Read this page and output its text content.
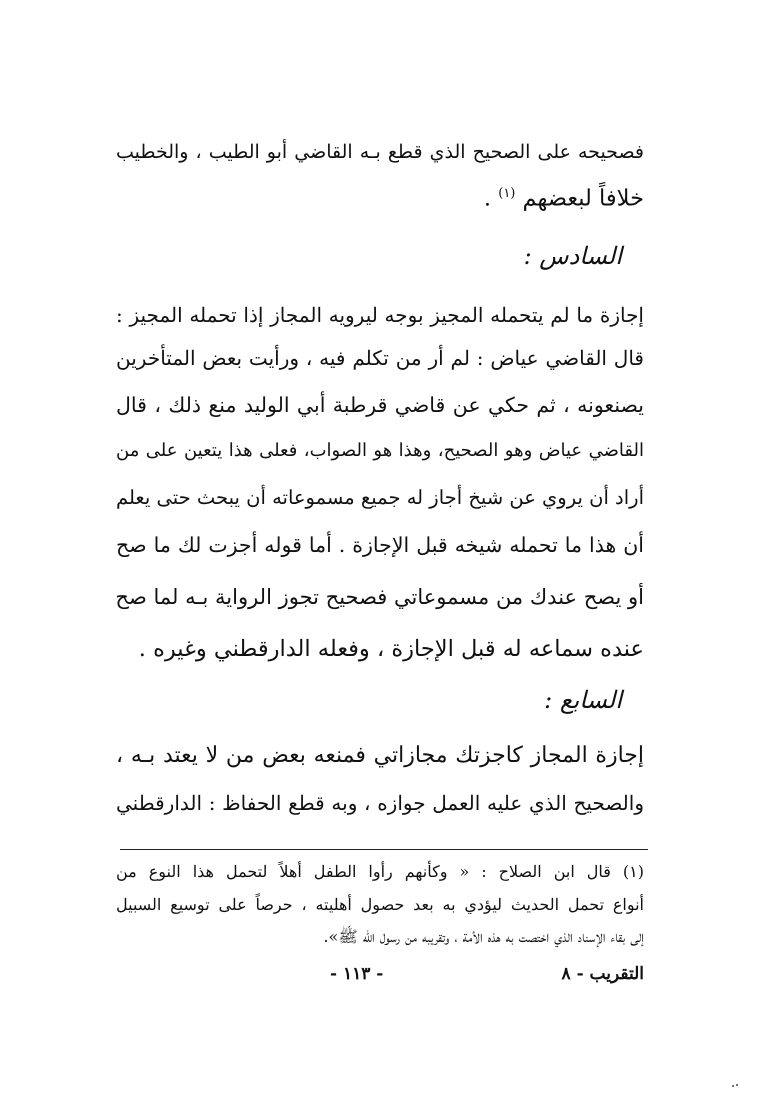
فصحيحه على الصحيح الذي قطع بـه القاضي أبو الطيب ، والخطيب
خلافاً لبعضهم $^{(١)}$ .
السادس :
إجازة ما لم يتحمله المجيز بوجه ليرويه المجاز إذا تحمله المجيز :
قال القاضي عياض : لم أر من تكلم فيه ، ورأيت بعض المتأخرين
يصنعونه ، ثم حكي عن قاضي قرطبة أبي الوليد منع ذلك ، قال
القاضي عياض وهو الصحيح، وهذا هو الصواب، فعلى هذا يتعين على من
أراد أن يروي عن شيخ أجاز له جميع مسموعاته أن يبحث حتى يعلم
أن هذا ما تحمله شيخه قبل الإجازة . أما قوله أجزت لك ما صح
أو يصح عندك من مسموعاتي فصحيح تجوز الرواية بـه لما صح
عنده سماعه له قبل الإجازة ، وفعله الدارقطني وغيره .
السابع :
إجازة المجاز كاجزتك مجازاتي فمنعه بعض من لا يعتد بـه ،
والصحيح الذي عليه العمل جوازه ، وبه قطع الحفاظ : الدارقطني
(١) قال ابن الصلاح : « وكأنهم رأوا الطفل أهلاً لتحمل هذا النوع من
أنواع تحمل الحديث ليؤدي به بعد حصول أهليته ، حرصاً على توسيع السبيل
إلى بقاء الإسناد الذي اختصت به هذه الأمة ، وتقريبه من رسول الله ﷺ».
- ١١٣ -	التقريب - ٨
